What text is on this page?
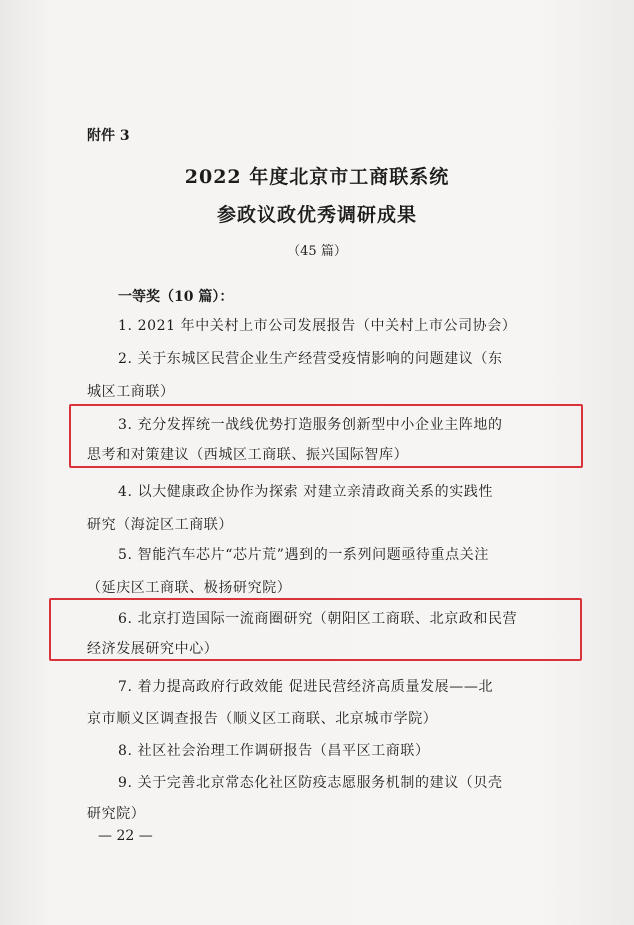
附件 3
2022 年度北京市工商联系统
参政议政优秀调研成果
（45 篇）
一等奖（10 篇）：
1. 2021 年中关村上市公司发展报告（中关村上市公司协会）
2. 关于东城区民营企业生产经营受疫情影响的问题建议（东
城区工商联）
3. 充分发挥统一战线优势打造服务创新型中小企业主阵地的
思考和对策建议（西城区工商联、振兴国际智库）
4. 以大健康政企协作为探索 对建立亲清政商关系的实践性
研究（海淀区工商联）
5. 智能汽车芯片“芯片荒”遇到的一系列问题亟待重点关注
（延庆区工商联、极扬研究院）
6. 北京打造国际一流商圈研究（朝阳区工商联、北京政和民营
经济发展研究中心）
7. 着力提高政府行政效能 促进民营经济高质量发展——北
京市顺义区调查报告（顺义区工商联、北京城市学院）
8. 社区社会治理工作调研报告（昌平区工商联）
9. 关于完善北京常态化社区防疫志愿服务机制的建议（贝壳
研究院）
— 22 —
